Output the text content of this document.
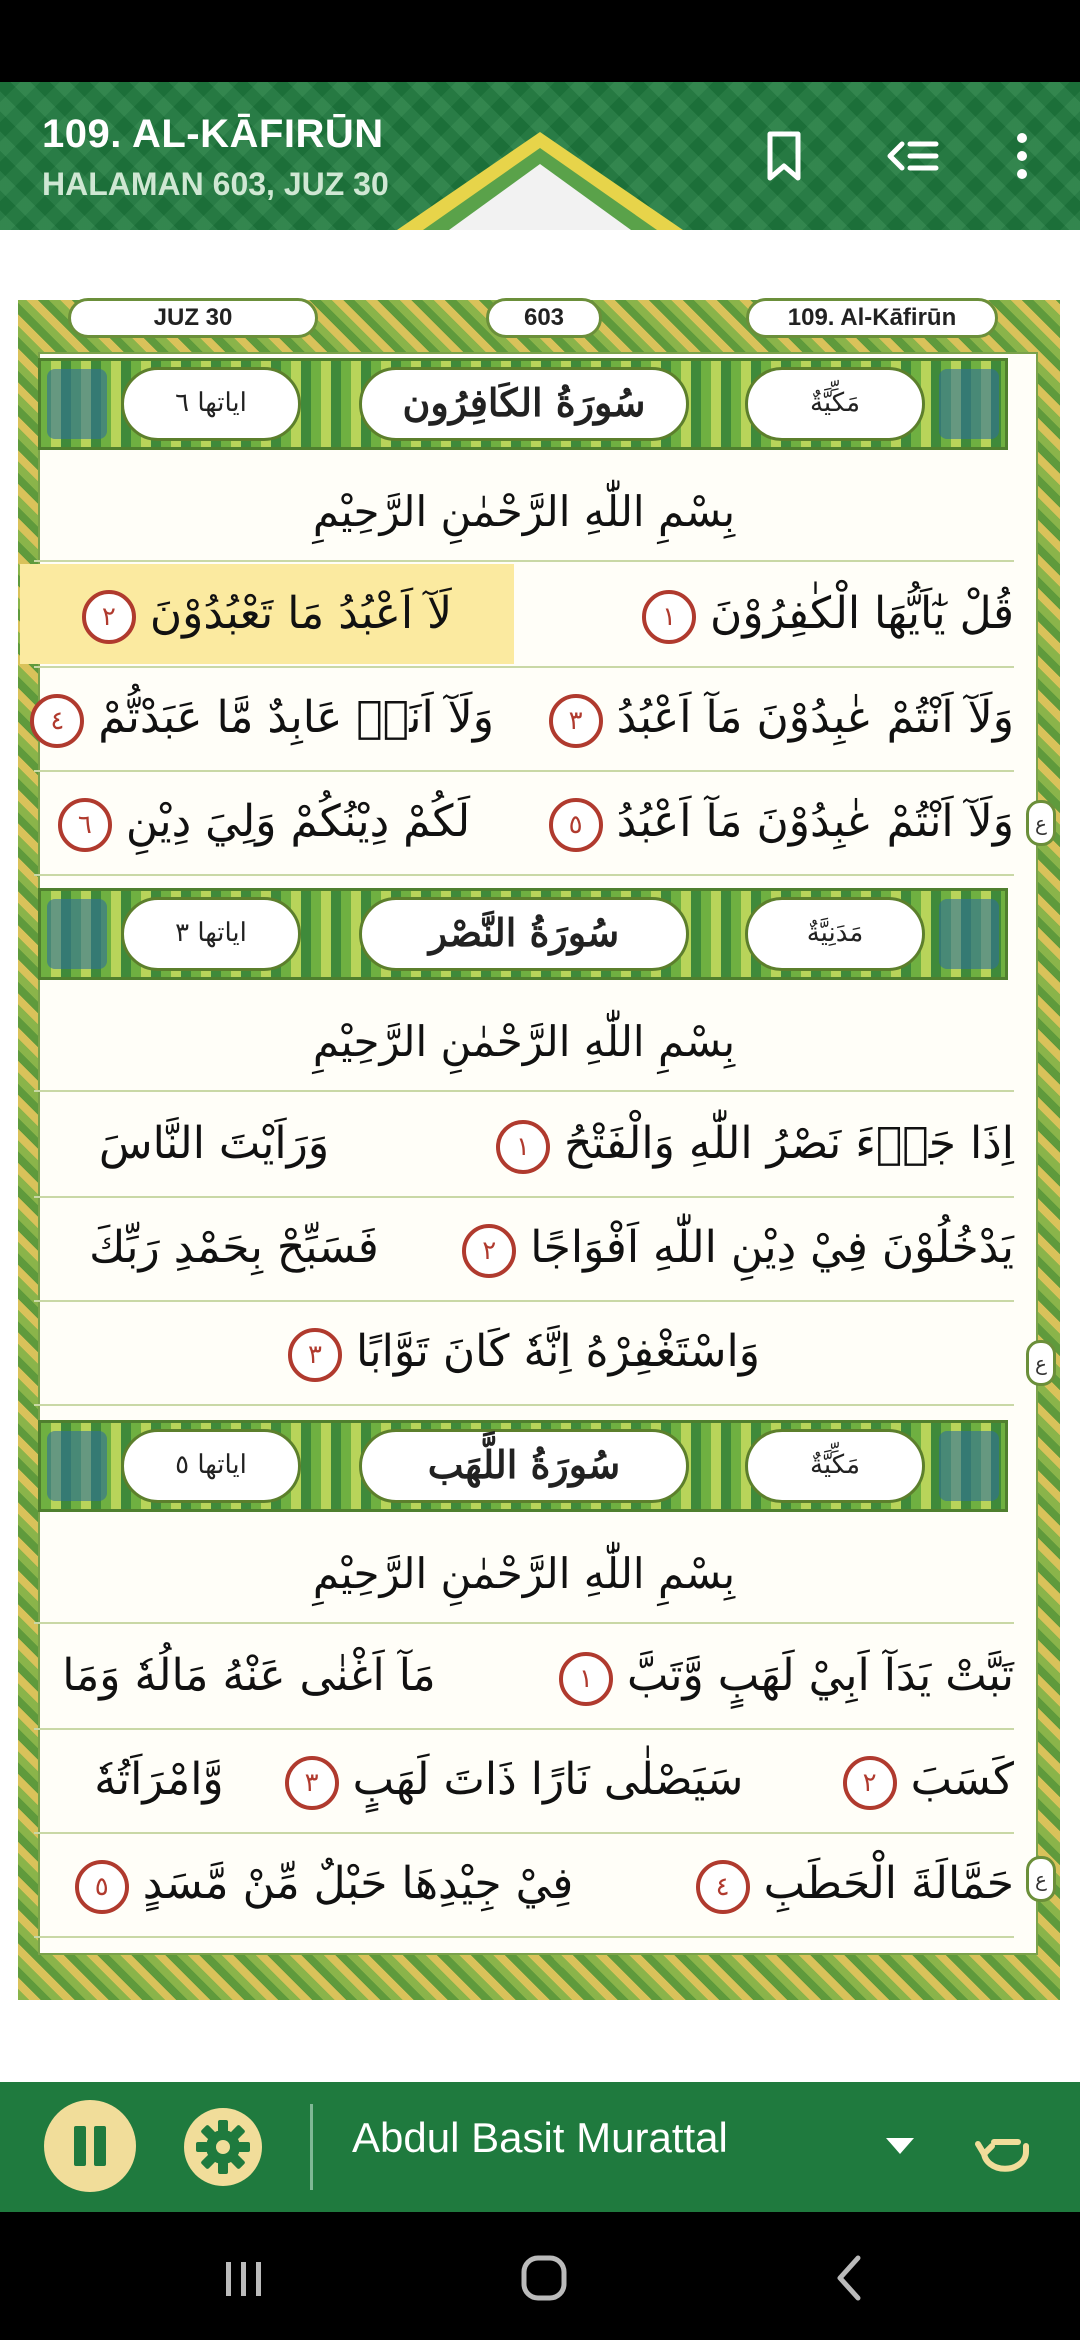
109. AL-KĀFIRŪN
HALAMAN 603, JUZ 30
JUZ 30	603	109. Al-Kāfirūn
اياتها ٦	سُورَةُ الكَافِرُون	مَكِّيَّةٌ
بِسْمِ اللّٰهِ الرَّحْمٰنِ الرَّحِيْمِ
لَآ اَعْبُدُ مَا تَعْبُدُوْنَ ٢	قُلْ يٰٓاَيُّهَا الْكٰفِرُوْنَ ١
وَلَآ اَنَا۠ عَابِدٌ مَّا عَبَدْتُّمْ ٤	وَلَآ اَنْتُمْ عٰبِدُوْنَ مَآ اَعْبُدُ ٣
لَكُمْ دِيْنُكُمْ وَلِيَ دِيْنِ ٦	وَلَآ اَنْتُمْ عٰبِدُوْنَ مَآ اَعْبُدُ ٥	ع
اياتها ٣	سُورَةُ النَّصْر	مَدَنِيَّةٌ
بِسْمِ اللّٰهِ الرَّحْمٰنِ الرَّحِيْمِ
وَرَاَيْتَ النَّاسَ	اِذَا جَاۤءَ نَصْرُ اللّٰهِ وَالْفَتْحُ ١
فَسَبِّحْ بِحَمْدِ رَبِّكَ	يَدْخُلُوْنَ فِيْ دِيْنِ اللّٰهِ اَفْوَاجًا ٢
وَاسْتَغْفِرْهُ اِنَّهٗ كَانَ تَوَّابًا ٣	ع
اياتها ٥	سُورَةُ اللَّهَب	مَكِّيَّةٌ
بِسْمِ اللّٰهِ الرَّحْمٰنِ الرَّحِيْمِ
مَآ اَغْنٰى عَنْهُ مَالُهٗ وَمَا	تَبَّتْ يَدَآ اَبِيْ لَهَبٍ وَّتَبَّ ١
وَّامْرَاَتُهٗ	سَيَصْلٰى نَارًا ذَاتَ لَهَبٍ ٣	كَسَبَ ٢
فِيْ جِيْدِهَا حَبْلٌ مِّنْ مَّسَدٍ ٥	حَمَّالَةَ الْحَطَبِ ٤	ع
Abdul Basit Murattal
